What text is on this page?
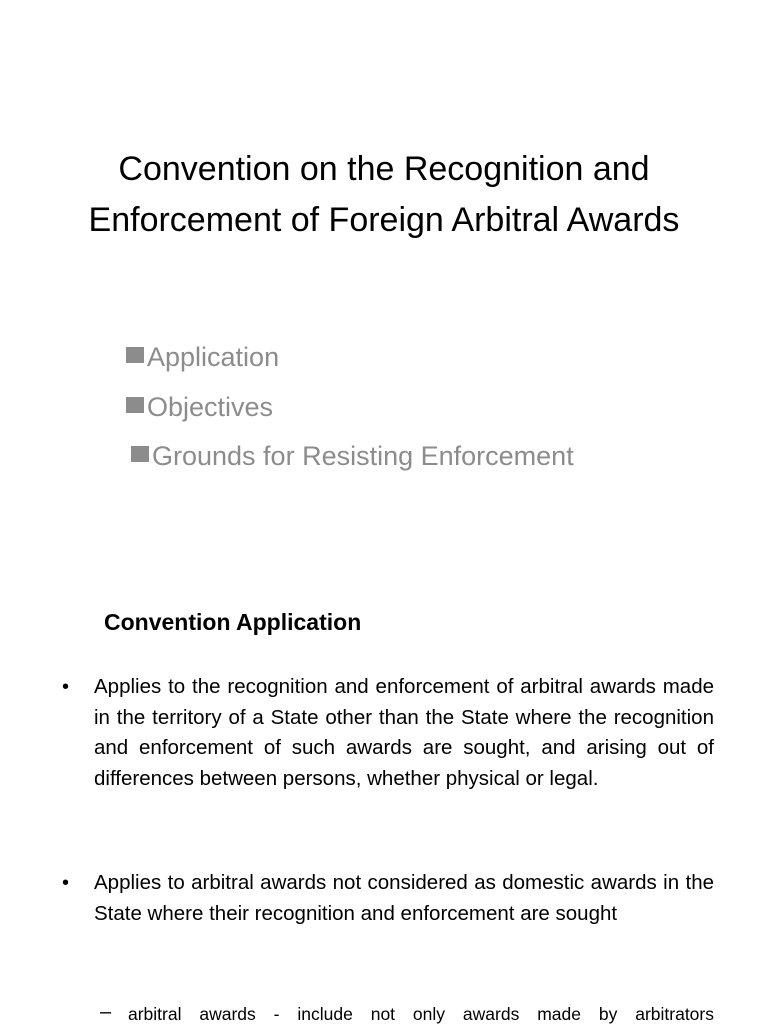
Convention on the Recognition and Enforcement of Foreign Arbitral Awards
Application
Objectives
Grounds for Resisting Enforcement
Convention Application
• Applies to the recognition and enforcement of arbitral awards made in the territory of a State other than the State where the recognition and enforcement of such awards are sought, and arising out of differences between persons, whether physical or legal.
• Applies to arbitral awards not considered as domestic awards in the State where their recognition and enforcement are sought
– arbitral awards - include not only awards made by arbitrators
